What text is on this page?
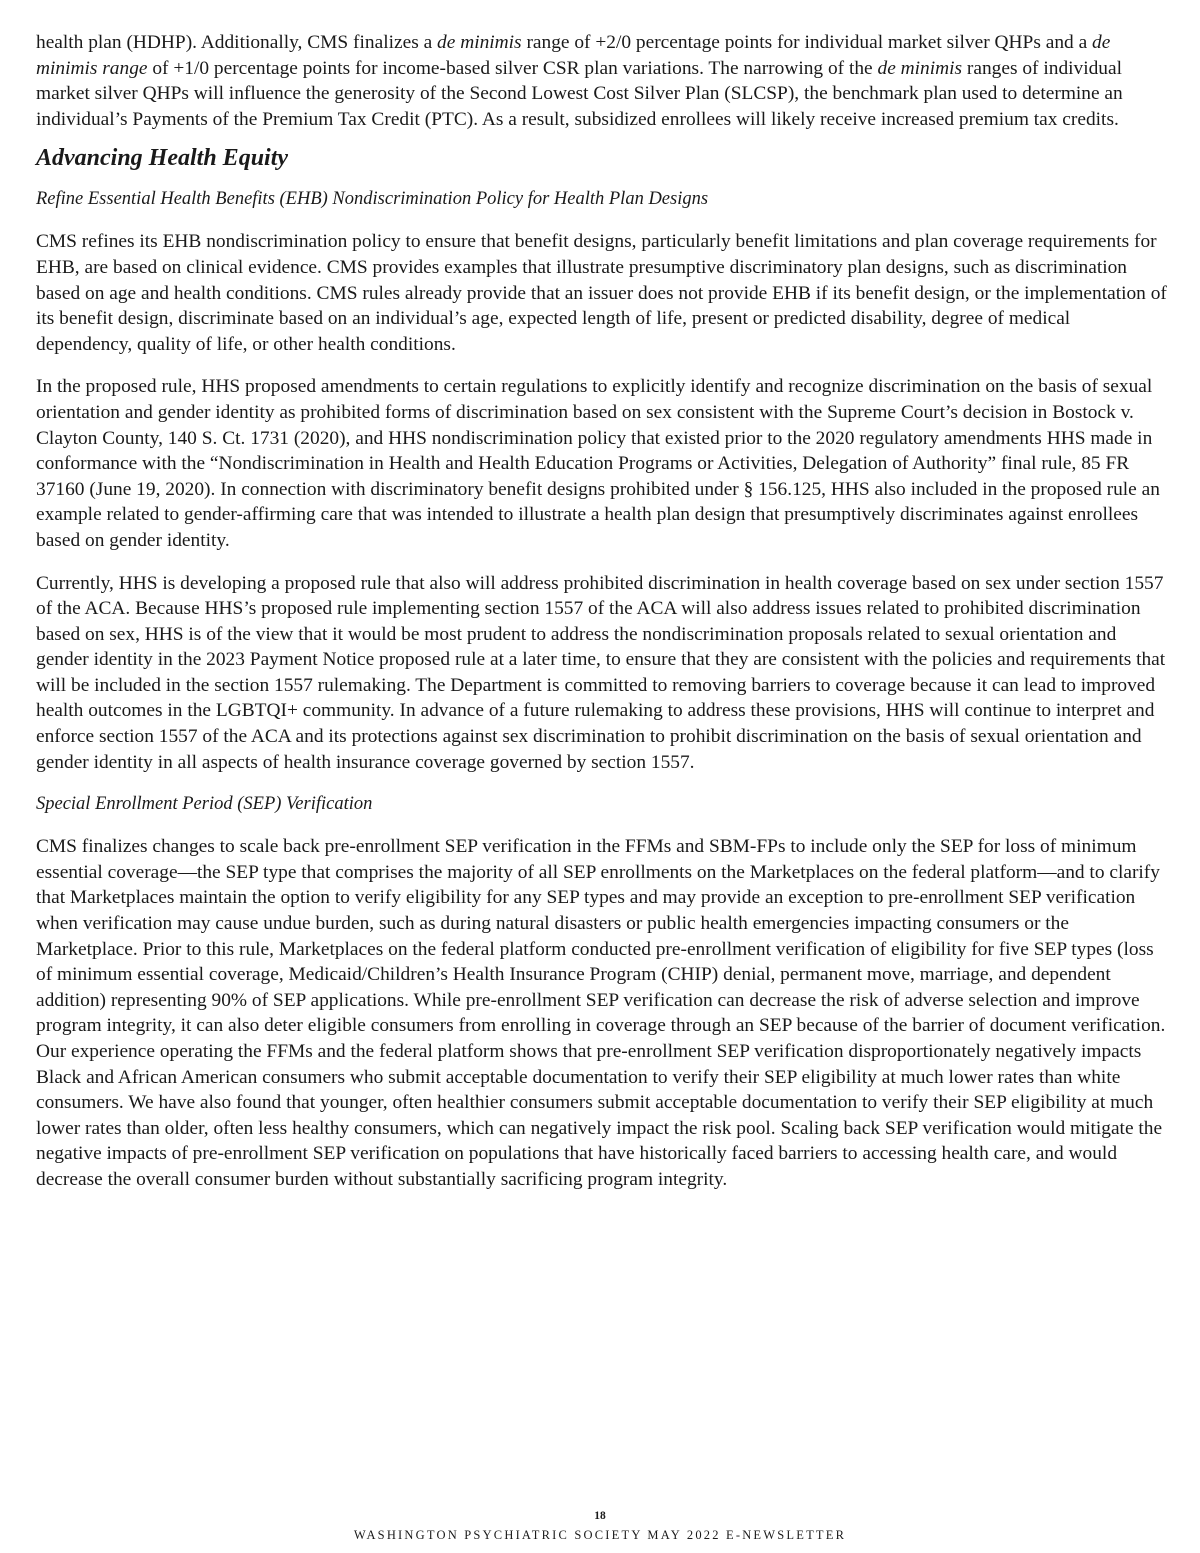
health plan (HDHP). Additionally, CMS finalizes a de minimis range of +2/0 percentage points for individual market silver QHPs and a de minimis range of +1/0 percentage points for income-based silver CSR plan variations. The narrowing of the de minimis ranges of individual market silver QHPs will influence the generosity of the Second Lowest Cost Silver Plan (SLCSP), the benchmark plan used to determine an individual’s Payments of the Premium Tax Credit (PTC). As a result, subsidized enrollees will likely receive increased premium tax credits.

Advancing Health Equity

Refine Essential Health Benefits (EHB) Nondiscrimination Policy for Health Plan Designs

CMS refines its EHB nondiscrimination policy to ensure that benefit designs, particularly benefit limitations and plan coverage requirements for EHB, are based on clinical evidence. CMS provides examples that illustrate presumptive discriminatory plan designs, such as discrimination based on age and health conditions. CMS rules already provide that an issuer does not provide EHB if its benefit design, or the implementation of its benefit design, discriminate based on an individual’s age, expected length of life, present or predicted disability, degree of medical dependency, quality of life, or other health conditions.

In the proposed rule, HHS proposed amendments to certain regulations to explicitly identify and recognize discrimination on the basis of sexual orientation and gender identity as prohibited forms of discrimination based on sex consistent with the Supreme Court’s decision in Bostock v. Clayton County, 140 S. Ct. 1731 (2020), and HHS nondiscrimination policy that existed prior to the 2020 regulatory amendments HHS made in conformance with the “Nondiscrimination in Health and Health Education Programs or Activities, Delegation of Authority” final rule, 85 FR 37160 (June 19, 2020). In connection with discriminatory benefit designs prohibited under § 156.125, HHS also included in the proposed rule an example related to gender-affirming care that was intended to illustrate a health plan design that presumptively discriminates against enrollees based on gender identity.

Currently, HHS is developing a proposed rule that also will address prohibited discrimination in health coverage based on sex under section 1557 of the ACA. Because HHS’s proposed rule implementing section 1557 of the ACA will also address issues related to prohibited discrimination based on sex, HHS is of the view that it would be most prudent to address the nondiscrimination proposals related to sexual orientation and gender identity in the 2023 Payment Notice proposed rule at a later time, to ensure that they are consistent with the policies and requirements that will be included in the section 1557 rulemaking. The Department is committed to removing barriers to coverage because it can lead to improved health outcomes in the LGBTQI+ community. In advance of a future rulemaking to address these provisions, HHS will continue to interpret and enforce section 1557 of the ACA and its protections against sex discrimination to prohibit discrimination on the basis of sexual orientation and gender identity in all aspects of health insurance coverage governed by section 1557.

Special Enrollment Period (SEP) Verification

CMS finalizes changes to scale back pre-enrollment SEP verification in the FFMs and SBM-FPs to include only the SEP for loss of minimum essential coverage—the SEP type that comprises the majority of all SEP enrollments on the Marketplaces on the federal platform—and to clarify that Marketplaces maintain the option to verify eligibility for any SEP types and may provide an exception to pre-enrollment SEP verification when verification may cause undue burden, such as during natural disasters or public health emergencies impacting consumers or the Marketplace. Prior to this rule, Marketplaces on the federal platform conducted pre-enrollment verification of eligibility for five SEP types (loss of minimum essential coverage, Medicaid/Children’s Health Insurance Program (CHIP) denial, permanent move, marriage, and dependent addition) representing 90% of SEP applications. While pre-enrollment SEP verification can decrease the risk of adverse selection and improve program integrity, it can also deter eligible consumers from enrolling in coverage through an SEP because of the barrier of document verification. Our experience operating the FFMs and the federal platform shows that pre-enrollment SEP verification disproportionately negatively impacts Black and African American consumers who submit acceptable documentation to verify their SEP eligibility at much lower rates than white consumers. We have also found that younger, often healthier consumers submit acceptable documentation to verify their SEP eligibility at much lower rates than older, often less healthy consumers, which can negatively impact the risk pool. Scaling back SEP verification would mitigate the negative impacts of pre-enrollment SEP verification on populations that have historically faced barriers to accessing health care, and would decrease the overall consumer burden without substantially sacrificing program integrity.

18
WASHINGTON PSYCHIATRIC SOCIETY MAY 2022 E-NEWSLETTER
